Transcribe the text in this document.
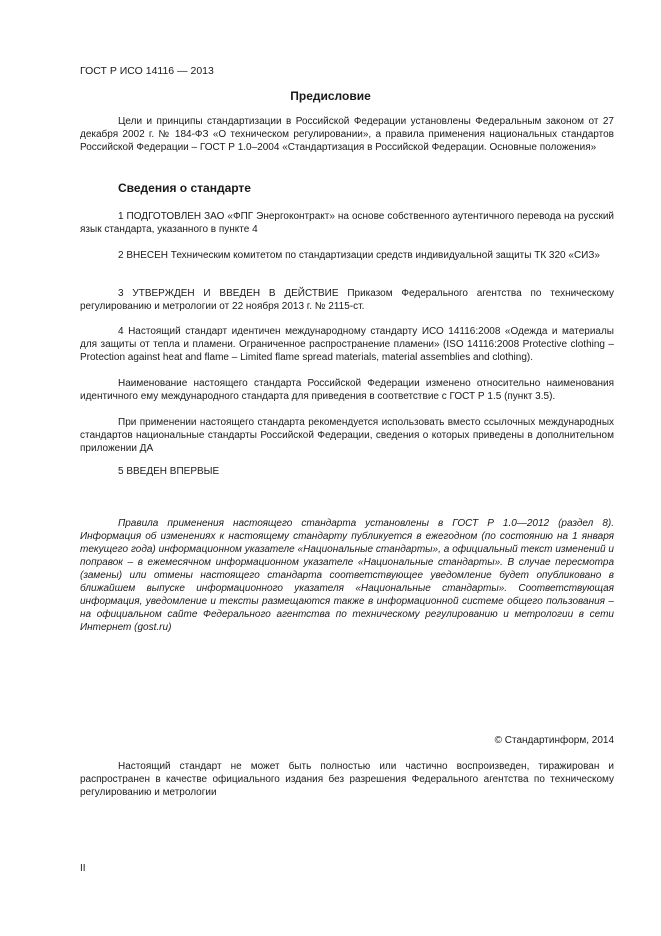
ГОСТ Р ИСО 14116 — 2013
Предисловие

Цели и принципы стандартизации в Российской Федерации установлены Федеральным законом от 27 декабря 2002 г. № 184-ФЗ «О техническом регулировании», а правила применения национальных стандартов Российской Федерации – ГОСТ Р 1.0–2004 «Стандартизация в Российской Федерации. Основные положения»

Сведения о стандарте

1 ПОДГОТОВЛЕН ЗАО «ФПГ Энергоконтракт» на основе собственного аутентичного перевода на русский язык стандарта, указанного в пункте 4

2 ВНЕСЕН Техническим комитетом по стандартизации средств индивидуальной защиты ТК 320 «СИЗ»

3 УТВЕРЖДЕН И ВВЕДЕН В ДЕЙСТВИЕ Приказом Федерального агентства по техническому регулированию и метрологии от 22 ноября 2013 г. № 2115-ст.

4 Настоящий стандарт идентичен международному стандарту ИСО 14116:2008 «Одежда и материалы для защиты от тепла и пламени. Ограниченное распространение пламени» (ISO 14116:2008 Protective clothing – Protection against heat and flame – Limited flame spread materials, material assemblies and clothing).

Наименование настоящего стандарта Российской Федерации изменено относительно наименования идентичного ему международного стандарта для приведения в соответствие с ГОСТ Р 1.5 (пункт 3.5).

При применении настоящего стандарта рекомендуется использовать вместо ссылочных международных стандартов национальные стандарты Российской Федерации, сведения о которых приведены в дополнительном приложении ДА

5 ВВЕДЕН ВПЕРВЫЕ

Правила применения настоящего стандарта установлены в ГОСТ Р 1.0—2012 (раздел 8). Информация об изменениях к настоящему стандарту публикуется в ежегодном (по состоянию на 1 января текущего года) информационном указателе «Национальные стандарты», а официальный текст изменений и поправок – в ежемесячном информационном указателе «Национальные стандарты». В случае пересмотра (замены) или отмены настоящего стандарта соответствующее уведомление будет опубликовано в ближайшем выпуске информационного указателя «Национальные стандарты». Соответствующая информация, уведомление и тексты размещаются также в информационной системе общего пользования – на официальном сайте Федерального агентства по техническому регулированию и метрологии в сети Интернет (gost.ru)

© Стандартинформ, 2014

Настоящий стандарт не может быть полностью или частично воспроизведен, тиражирован и распространен в качестве официального издания без разрешения Федерального агентства по техническому регулированию и метрологии

II
